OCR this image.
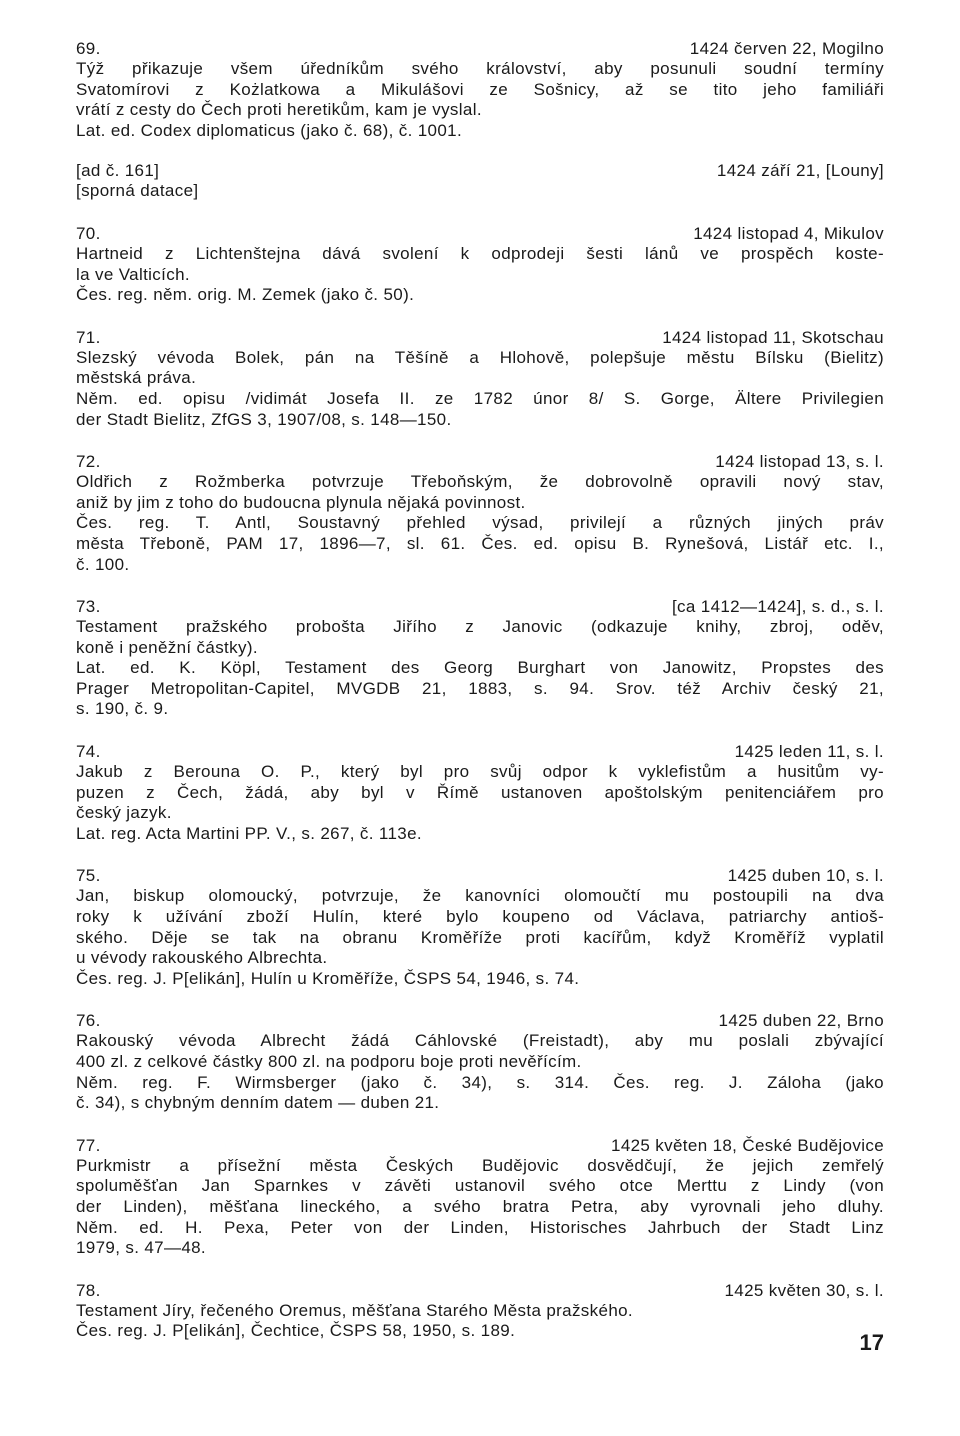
69.	1424 červen 22, Mogilno
Týž přikazuje všem úředníkům svého království, aby posunuli soudní termíny
Svatomírovi z Kożlatkowa a Mikulášovi ze Sošnicy, až se tito jeho familiáři
vrátí z cesty do Čech proti heretikům, kam je vyslal.
Lat. ed. Codex diplomaticus (jako č. 68), č. 1001.
[ad č. 161]	1424 září 21, [Louny]
[sporná datace]
70.	1424 listopad 4, Mikulov
Hartneid z Lichtenštejna dává svolení k odprodeji šesti lánů ve prospěch koste-
la ve Valticích.
Čes. reg. něm. orig. M. Zemek (jako č. 50).
71.	1424 listopad 11, Skotschau
Slezský vévoda Bolek, pán na Těšíně a Hlohově, polepšuje městu Bílsku (Bielitz)
městská práva.
Něm. ed. opisu /vidimát Josefa II. ze 1782 únor 8/ S. Gorge, Ältere Privilegien
der Stadt Bielitz, ZfGS 3, 1907/08, s. 148—150.
72.	1424 listopad 13, s. l.
Oldřich z Rožmberka potvrzuje Třeboňským, že dobrovolně opravili nový stav,
aniž by jim z toho do budoucna plynula nějaká povinnost.
Čes. reg. T. Antl, Soustavný přehled výsad, privilejí a různých jiných práv
města Třeboně, PAM 17, 1896—7, sl. 61. Čes. ed. opisu B. Rynešová, Listář etc. I.,
č. 100.
73.	[ca 1412—1424], s. d., s. l.
Testament pražského probošta Jiřího z Janovic (odkazuje knihy, zbroj, oděv,
koně i peněžní částky).
Lat. ed. K. Köpl, Testament des Georg Burghart von Janowitz, Propstes des
Prager Metropolitan-Capitel, MVGDB 21, 1883, s. 94. Srov. též Archiv český 21,
s. 190, č. 9.
74.	1425 leden 11, s. l.
Jakub z Berouna O. P., který byl pro svůj odpor k vyklefistům a husitům vy-
puzen z Čech, žádá, aby byl v Římě ustanoven apoštolským penitenciářem pro
český jazyk.
Lat. reg. Acta Martini PP. V., s. 267, č. 113e.
75.	1425 duben 10, s. l.
Jan, biskup olomoucký, potvrzuje, že kanovníci olomoučtí mu postoupili na dva
roky k užívání zboží Hulín, které bylo koupeno od Václava, patriarchy antioš-
ského. Děje se tak na obranu Kroměříže proti kacířům, když Kroměříž vyplatil
u vévody rakouského Albrechta.
Čes. reg. J. P[elikán], Hulín u Kroměříže, ČSPS 54, 1946, s. 74.
76.	1425 duben 22, Brno
Rakouský vévoda Albrecht žádá Cáhlovské (Freistadt), aby mu poslali zbývající
400 zl. z celkové částky 800 zl. na podporu boje proti nevěřícím.
Něm. reg. F. Wirmsberger (jako č. 34), s. 314. Čes. reg. J. Záloha (jako
č. 34), s chybným denním datem — duben 21.
77.	1425 květen 18, České Budějovice
Purkmistr a přísežní města Českých Budějovic dosvědčují, že jejich zemřelý
spoluměšťan Jan Sparnkes v závěti ustanovil svého otce Merttu z Lindy (von
der Linden), měšťana lineckého, a svého bratra Petra, aby vyrovnali jeho dluhy.
Něm. ed. H. Pexa, Peter von der Linden, Historisches Jahrbuch der Stadt Linz
1979, s. 47—48.
78.	1425 květen 30, s. l.
Testament Jíry, řečeného Oremus, měšťana Starého Města pražského.
Čes. reg. J. P[elikán], Čechtice, ČSPS 58, 1950, s. 189.	17
